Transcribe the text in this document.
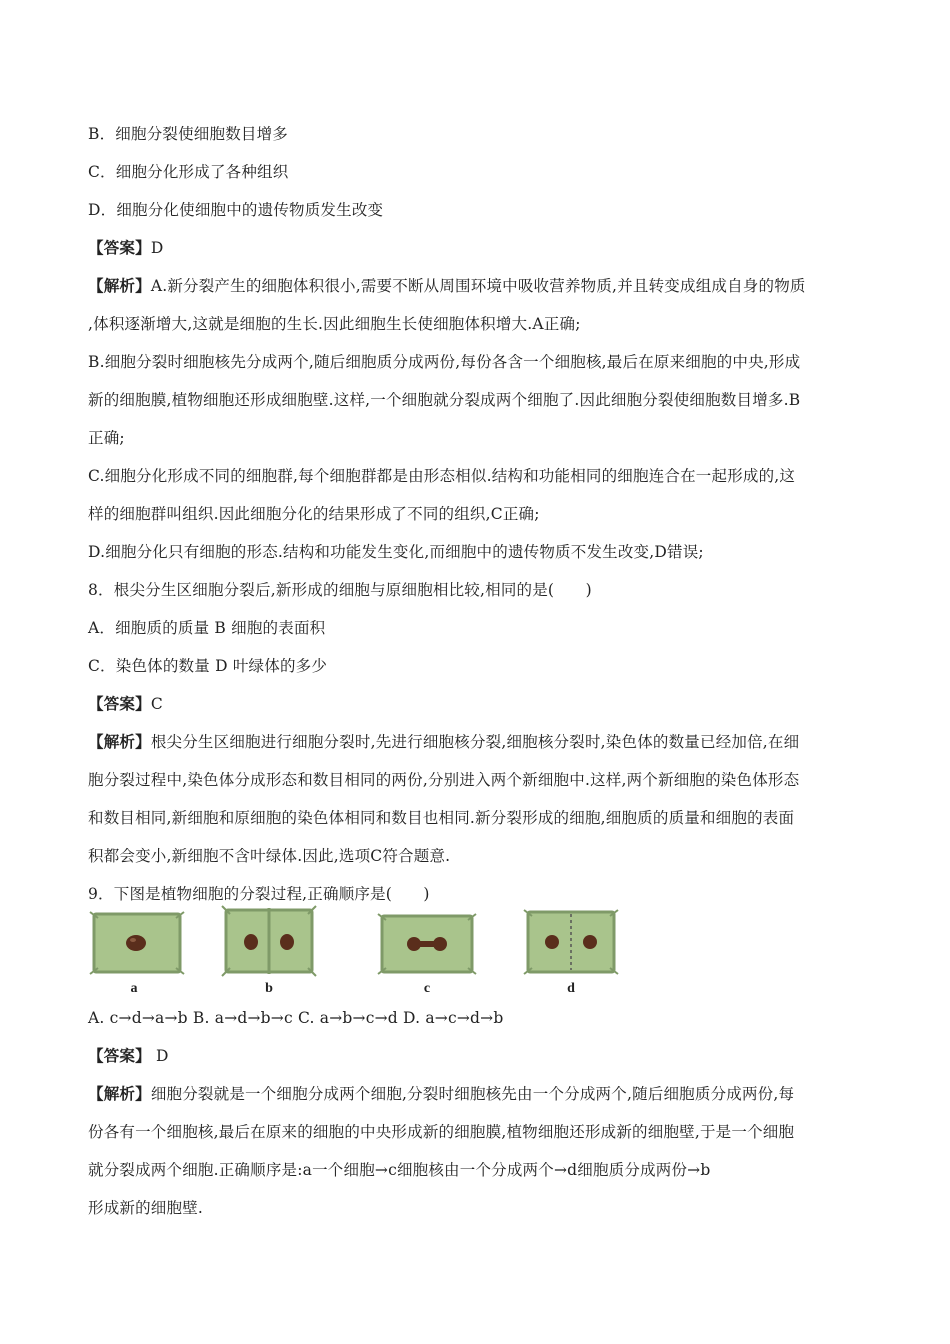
B．细胞分裂使细胞数目增多
C．细胞分化形成了各种组织
D．细胞分化使细胞中的遗传物质发生改变
【答案】D
【解析】A.新分裂产生的细胞体积很小,需要不断从周围环境中吸收营养物质,并且转变成组成自身的物质
,体积逐渐增大,这就是细胞的生长.因此细胞生长使细胞体积增大.A正确;
B.细胞分裂时细胞核先分成两个,随后细胞质分成两份,每份各含一个细胞核,最后在原来细胞的中央,形成
新的细胞膜,植物细胞还形成细胞壁.这样,一个细胞就分裂成两个细胞了.因此细胞分裂使细胞数目增多.B
正确;
C.细胞分化形成不同的细胞群,每个细胞群都是由形态相似.结构和功能相同的细胞连合在一起形成的,这
样的细胞群叫组织.因此细胞分化的结果形成了不同的组织,C正确;
D.细胞分化只有细胞的形态.结构和功能发生变化,而细胞中的遗传物质不发生改变,D错误;
8．根尖分生区细胞分裂后,新形成的细胞与原细胞相比较,相同的是(　　)
A．细胞质的质量 B 细胞的表面积
C．染色体的数量 D 叶绿体的多少
【答案】C
【解析】根尖分生区细胞进行细胞分裂时,先进行细胞核分裂,细胞核分裂时,染色体的数量已经加倍,在细
胞分裂过程中,染色体分成形态和数目相同的两份,分别进入两个新细胞中.这样,两个新细胞的染色体形态
和数目相同,新细胞和原细胞的染色体相同和数目也相同.新分裂形成的细胞,细胞质的质量和细胞的表面
积都会变小,新细胞不含叶绿体.因此,选项C符合题意.
9．下图是植物细胞的分裂过程,正确顺序是(　　)
a	b	c	d
A. c→d→a→b B. a→d→b→c C. a→b→c→d D. a→c→d→b
【答案】 D
【解析】细胞分裂就是一个细胞分成两个细胞,分裂时细胞核先由一个分成两个,随后细胞质分成两份,每
份各有一个细胞核,最后在原来的细胞的中央形成新的细胞膜,植物细胞还形成新的细胞壁,于是一个细胞
就分裂成两个细胞.正确顺序是:a一个细胞→c细胞核由一个分成两个→d细胞质分成两份→b
形成新的细胞壁.
